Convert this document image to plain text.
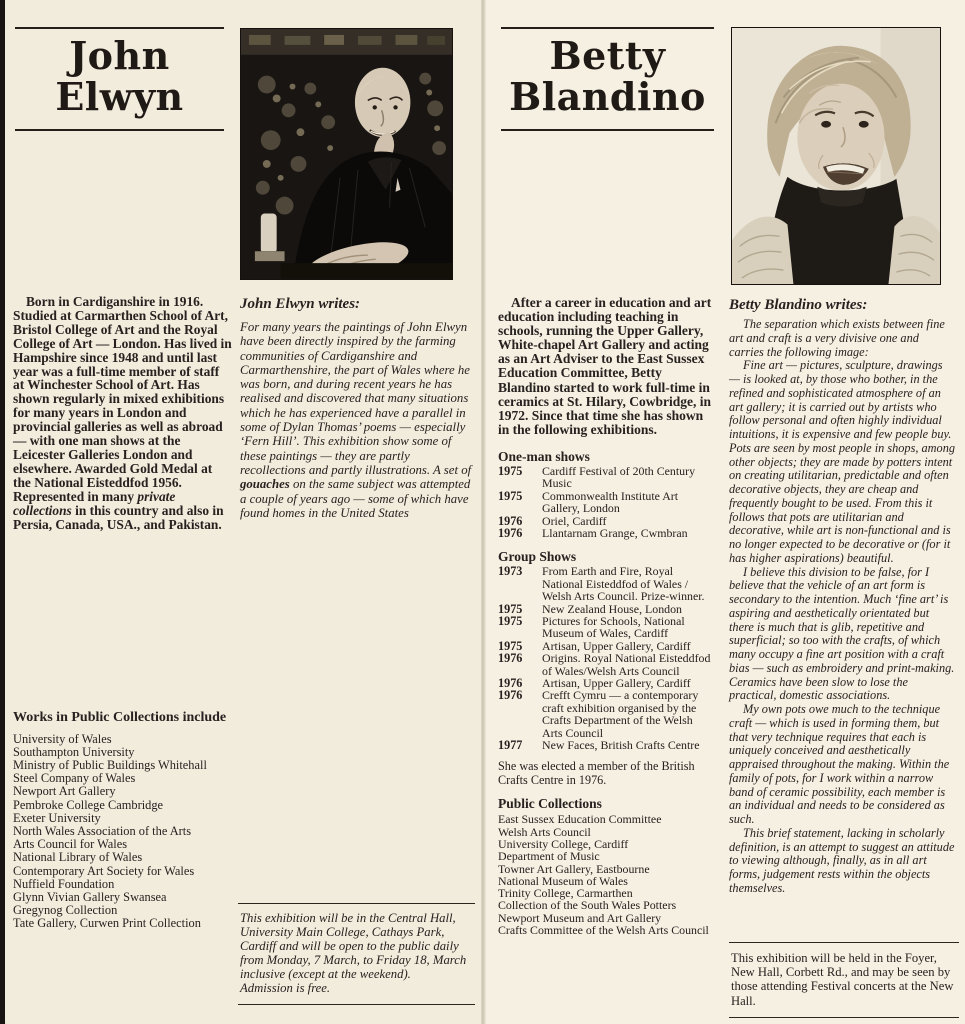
John
Elwyn

Born in Cardiganshire in 1916. Studied at Carmarthen School of Art, Bristol College of Art and the Royal College of Art — London. Has lived in Hampshire since 1948 and until last year was a full-time member of staff at Winchester School of Art. Has shown regularly in mixed exhibitions for many years in London and provincial galleries as well as abroad — with one man shows at the Leicester Galleries London and elsewhere. Awarded Gold Medal at the National Eisteddfod 1956. Represented in many private collections in this country and also in Persia, Canada, USA., and Pakistan.

Works in Public Collections include

University of Wales
Southampton University
Ministry of Public Buildings Whitehall
Steel Company of Wales
Newport Art Gallery
Pembroke College Cambridge
Exeter University
North Wales Association of the Arts
Arts Council for Wales
National Library of Wales
Contemporary Art Society for Wales
Nuffield Foundation
Glynn Vivian Gallery Swansea
Gregynog Collection
Tate Gallery, Curwen Print Collection

John Elwyn writes:

For many years the paintings of John Elwyn have been directly inspired by the farming communities of Cardiganshire and Carmarthenshire, the part of Wales where he was born, and during recent years he has realised and discovered that many situations which he has experienced have a parallel in some of Dylan Thomas’ poems — especially ‘Fern Hill’. This exhibition show some of these paintings — they are partly recollections and partly illustrations. A set of gouaches on the same subject was attempted a couple of years ago — some of which have found homes in the United States

This exhibition will be in the Central Hall, University Main College, Cathays Park, Cardiff and will be open to the public daily from Monday, 7 March, to Friday 18, March inclusive (except at the weekend).

Admission is free.

Betty
Blandino

After a career in education and art education including teaching in schools, running the Upper Gallery, White-chapel Art Gallery and acting as an Art Adviser to the East Sussex Education Committee, Betty Blandino started to work full-time in ceramics at St. Hilary, Cowbridge, in 1972. Since that time she has shown in the following exhibitions.

One-man shows

1975	Cardiff Festival of 20th Century Music
1975	Commonwealth Institute Art Gallery, London
1976	Oriel, Cardiff
1976	Llantarnam Grange, Cwmbran

Group Shows

1973	From Earth and Fire, Royal National Eisteddfod of Wales / Welsh Arts Council. Prize-winner.
1975	New Zealand House, London
1975	Pictures for Schools, National Museum of Wales, Cardiff
1975	Artisan, Upper Gallery, Cardiff
1976	Origins. Royal National Eisteddfod of Wales/Welsh Arts Council
1976	Artisan, Upper Gallery, Cardiff
1976	Crefft Cymru — a contemporary craft exhibition organised by the Crafts Department of the Welsh Arts Council
1977	New Faces, British Crafts Centre

She was elected a member of the British Crafts Centre in 1976.

Public Collections

East Sussex Education Committee
Welsh Arts Council
University College, Cardiff
Department of Music
Towner Art Gallery, Eastbourne
National Museum of Wales
Trinity College, Carmarthen
Collection of the South Wales Potters
Newport Museum and Art Gallery
Crafts Committee of the Welsh Arts Council

Betty Blandino writes:

The separation which exists between fine art and craft is a very divisive one and carries the following image:

Fine art — pictures, sculpture, drawings — is looked at, by those who bother, in the refined and sophisticated atmosphere of an art gallery; it is carried out by artists who follow personal and often highly individual intuitions, it is expensive and few people buy. Pots are seen by most people in shops, among other objects; they are made by potters intent on creating utilitarian, predictable and often decorative objects, they are cheap and frequently bought to be used. From this it follows that pots are utilitarian and decorative, while art is non-functional and is no longer expected to be decorative or (for it has higher aspirations) beautiful.

I believe this division to be false, for I believe that the vehicle of an art form is secondary to the intention. Much ‘fine art’ is aspiring and aesthetically orientated but there is much that is glib, repetitive and superficial; so too with the crafts, of which many occupy a fine art position with a craft bias — such as embroidery and print-making. Ceramics have been slow to lose the practical, domestic associations.

My own pots owe much to the technique craft — which is used in forming them, but that very technique requires that each is uniquely conceived and aesthetically appraised throughout the making. Within the family of pots, for I work within a narrow band of ceramic possibility, each member is an individual and needs to be considered as such.

This brief statement, lacking in scholarly definition, is an attempt to suggest an attitude to viewing although, finally, as in all art forms, judgement rests within the objects themselves.

This exhibition will be held in the Foyer, New Hall, Corbett Rd., and may be seen by those attending Festival concerts at the New Hall.
